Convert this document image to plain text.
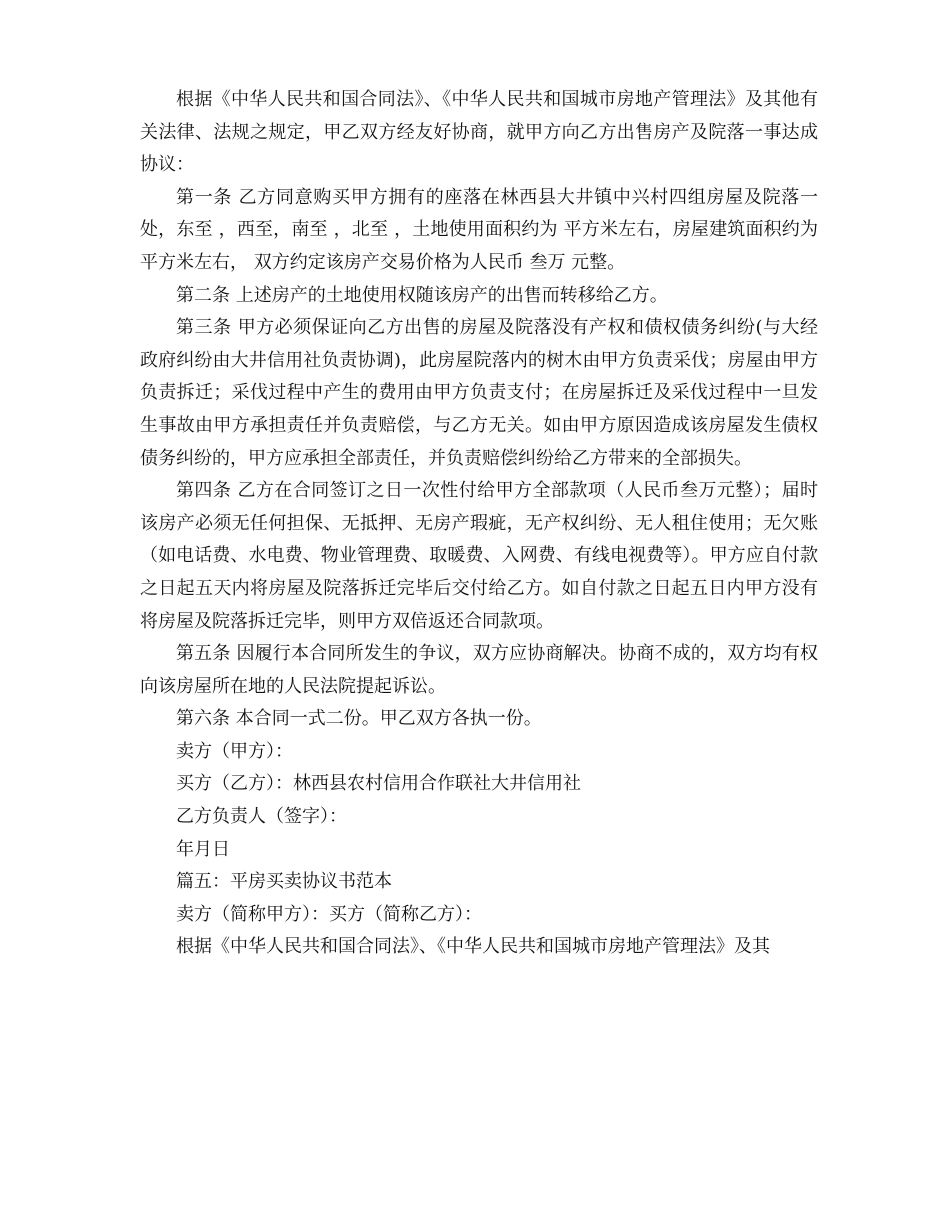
根据《中华人民共和国合同法》、《中华人民共和国城市房地产管理法》及其他有关法律、法规之规定，甲乙双方经友好协商，就甲方向乙方出售房产及院落一事达成协议：

第一条 乙方同意购买甲方拥有的座落在林西县大井镇中兴村四组房屋及院落一处，东至 ，西至，南至 ，北至 ，土地使用面积约为 平方米左右，房屋建筑面积约为平方米左右， 双方约定该房产交易价格为人民币 叁万 元整。

第二条 上述房产的土地使用权随该房产的出售而转移给乙方。

第三条 甲方必须保证向乙方出售的房屋及院落没有产权和债权债务纠纷(与大经政府纠纷由大井信用社负责协调)，此房屋院落内的树木由甲方负责采伐；房屋由甲方负责拆迁；采伐过程中产生的费用由甲方负责支付；在房屋拆迁及采伐过程中一旦发生事故由甲方承担责任并负责赔偿，与乙方无关。如由甲方原因造成该房屋发生债权债务纠纷的，甲方应承担全部责任，并负责赔偿纠纷给乙方带来的全部损失。

第四条 乙方在合同签订之日一次性付给甲方全部款项（人民币叁万元整）；届时该房产必须无任何担保、无抵押、无房产瑕疵，无产权纠纷、无人租住使用；无欠账（如电话费、水电费、物业管理费、取暖费、入网费、有线电视费等）。甲方应自付款之日起五天内将房屋及院落拆迁完毕后交付给乙方。如自付款之日起五日内甲方没有将房屋及院落拆迁完毕，则甲方双倍返还合同款项。

第五条 因履行本合同所发生的争议，双方应协商解决。协商不成的，双方均有权向该房屋所在地的人民法院提起诉讼。

第六条 本合同一式二份。甲乙双方各执一份。

卖方（甲方）：

买方（乙方）：林西县农村信用合作联社大井信用社

乙方负责人（签字）：

年月日

篇五：平房买卖协议书范本

卖方（简称甲方）：买方（简称乙方）：

根据《中华人民共和国合同法》、《中华人民共和国城市房地产管理法》及其
